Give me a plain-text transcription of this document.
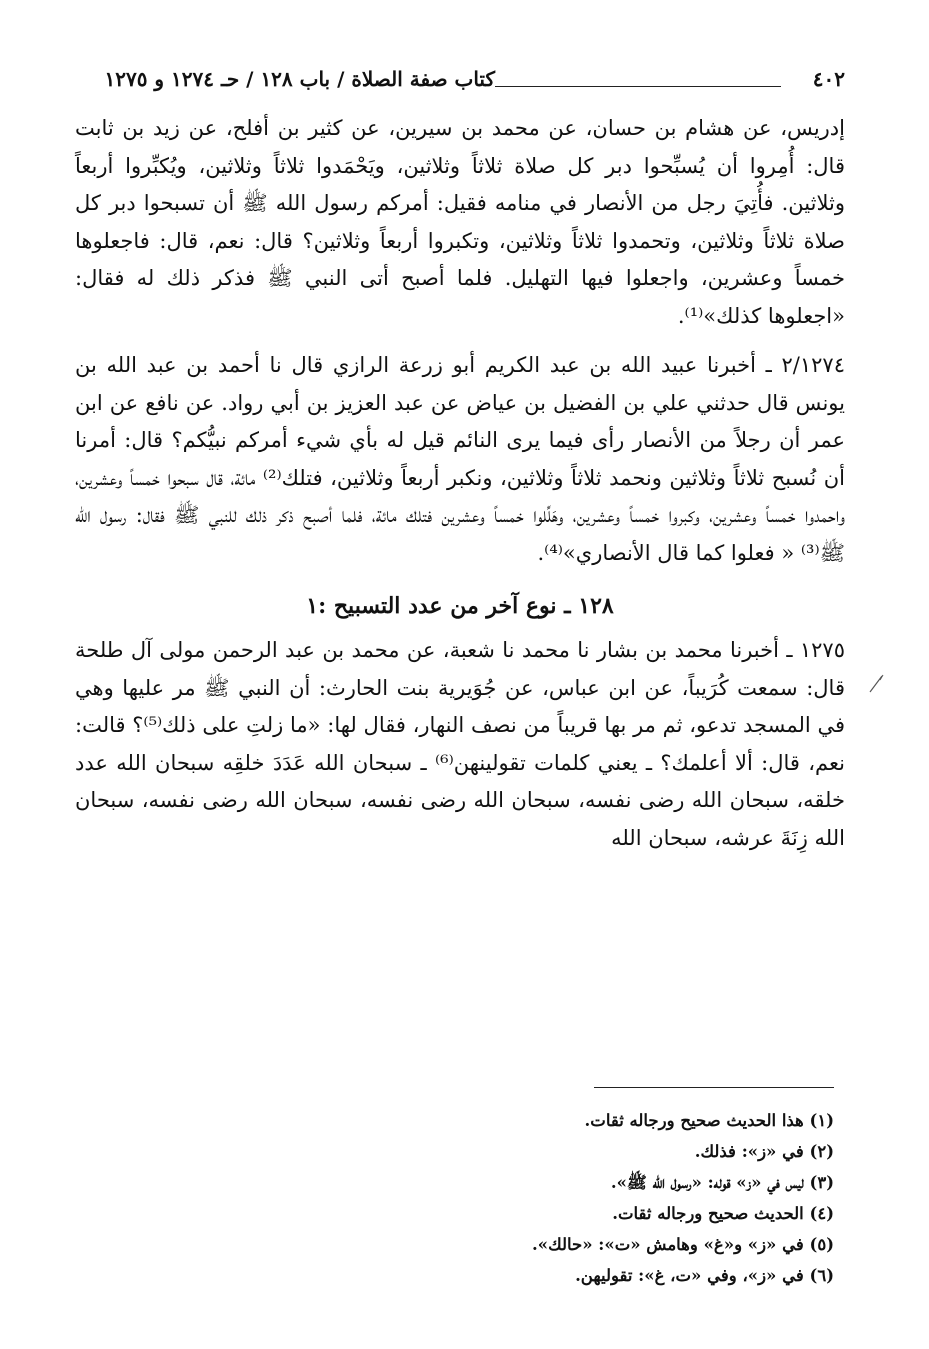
٤٠٢
كتاب صفة الصلاة / باب ١٢٨ / حـ ١٢٧٤ و ١٢٧٥

إدريس، عن هشام بن حسان، عن محمد بن سيرين، عن كثير بن أفلح، عن زيد بن ثابت قال: أُمِروا أن يُسبِّحوا دبر كل صلاة ثلاثاً وثلاثين، ويَحْمَدوا ثلاثاً وثلاثين، ويُكبِّروا أربعاً وثلاثين. فأُتِيَ رجل من الأنصار في منامه فقيل: أمركم رسول الله ﷺ أن تسبحوا دبر كل صلاة ثلاثاً وثلاثين، وتحمدوا ثلاثاً وثلاثين، وتكبروا أربعاً وثلاثين؟ قال: نعم، قال: فاجعلوها خمساً وعشرين، واجعلوا فيها التهليل. فلما أصبح أتى النبي ﷺ فذكر ذلك له فقال: «اجعلوها كذلك»⁽¹⁾.

٢/١٢٧٤ ـ أخبرنا عبيد الله بن عبد الكريم أبو زرعة الرازي قال نا أحمد بن عبد الله بن يونس قال حدثني علي بن الفضيل بن عياض عن عبد العزيز بن أبي رواد. عن نافع عن ابن عمر أن رجلاً من الأنصار رأى فيما يرى النائم قيل له بأي شيء أمركم نبيُّكم؟ قال: أمرنا أن نُسبح ثلاثاً وثلاثين ونحمد ثلاثاً وثلاثين، ونكبر أربعاً وثلاثين، فتلك⁽²⁾ مائة، قال سبحوا خمساً وعشرين، واحمدوا خمساً وعشرين، وكبروا خمساً وعشرين، وهَلِّلوا خمساً وعشرين فتلك مائة، فلما أصبح ذكر ذلك للنبي ﷺ فقال: رسول الله ﷺ⁽³⁾ « فعلوا كما قال الأنصاري»⁽⁴⁾.

١٢٨ ـ نوع آخر من عدد التسبيح :١

١٢٧٥ ـ أخبرنا محمد بن بشار نا محمد نا شعبة، عن محمد بن عبد الرحمن مولى آل طلحة قال: سمعت كُرَيباً، عن ابن عباس، عن جُوَيرية بنت الحارث: أن النبي ﷺ مر عليها وهي في المسجد تدعو، ثم مر بها قريباً من نصف النهار، فقال لها: «ما زلتِ على ذلك⁽⁵⁾؟ قالت: نعم، قال: ألا أعلمك؟ ـ يعني كلمات تقولينهن⁽⁶⁾ ـ سبحان الله عَدَدَ خلقِه سبحان الله عدد خلقه، سبحان الله رضى نفسه، سبحان الله رضى نفسه، سبحان الله رضى نفسه، سبحان الله زِنَةَ عرشه، سبحان الله

(١) هذا الحديث صحيح ورجاله ثقات.
(٢) في «ز»: فذلك.
(٣) ليس في «ز» قوله: «رسول الله ﷺ».
(٤) الحديث صحيح ورجاله ثقات.
(٥) في «ز» و«غ» وهامش «ت»: «حالك».
(٦) في «ز»، وفي «ت، غ»: تقوليهن.
